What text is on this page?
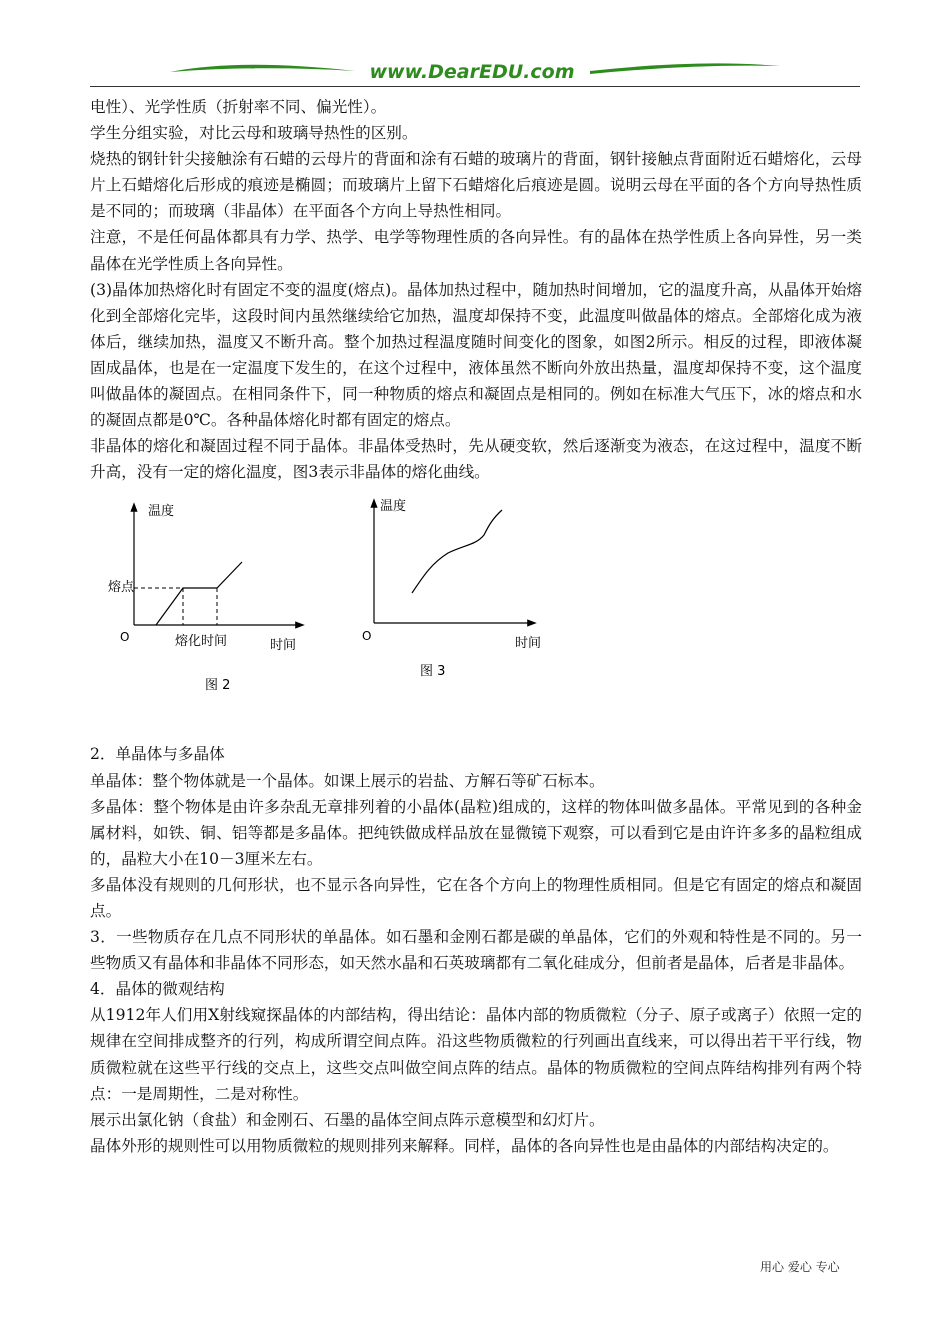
www.DearEDU.com

电性）、光学性质（折射率不同、偏光性）。

学生分组实验，对比云母和玻璃导热性的区别。

烧热的钢针针尖接触涂有石蜡的云母片的背面和涂有石蜡的玻璃片的背面，钢针接触点背面附近石蜡熔化，云母片上石蜡熔化后形成的痕迹是椭圆；而玻璃片上留下石蜡熔化后痕迹是圆。说明云母在平面的各个方向导热性质是不同的；而玻璃（非晶体）在平面各个方向上导热性相同。

注意，不是任何晶体都具有力学、热学、电学等物理性质的各向异性。有的晶体在热学性质上各向异性，另一类晶体在光学性质上各向异性。

(3)晶体加热熔化时有固定不变的温度(熔点)。晶体加热过程中，随加热时间增加，它的温度升高，从晶体开始熔化到全部熔化完毕，这段时间内虽然继续给它加热，温度却保持不变，此温度叫做晶体的熔点。全部熔化成为液体后，继续加热，温度又不断升高。整个加热过程温度随时间变化的图象，如图2所示。相反的过程，即液体凝固成晶体，也是在一定温度下发生的，在这个过程中，液体虽然不断向外放出热量，温度却保持不变，这个温度叫做晶体的凝固点。在相同条件下，同一种物质的熔点和凝固点是相同的。例如在标准大气压下，冰的熔点和水的凝固点都是0℃。各种晶体熔化时都有固定的熔点。

非晶体的熔化和凝固过程不同于晶体。非晶体受热时，先从硬变软，然后逐渐变为液态，在这过程中，温度不断升高，没有一定的熔化温度，图3表示非晶体的熔化曲线。

温度
时间
O
熔点
熔化时间
图 2
温度
时间
O
图 3

2．单晶体与多晶体

单晶体：整个物体就是一个晶体。如课上展示的岩盐、方解石等矿石标本。

多晶体：整个物体是由许多杂乱无章排列着的小晶体(晶粒)组成的，这样的物体叫做多晶体。平常见到的各种金属材料，如铁、铜、铝等都是多晶体。把纯铁做成样品放在显微镜下观察，可以看到它是由许许多多的晶粒组成的，晶粒大小在10－3厘米左右。

多晶体没有规则的几何形状，也不显示各向异性，它在各个方向上的物理性质相同。但是它有固定的熔点和凝固点。

3．一些物质存在几点不同形状的单晶体。如石墨和金刚石都是碳的单晶体，它们的外观和特性是不同的。另一些物质又有晶体和非晶体不同形态，如天然水晶和石英玻璃都有二氧化硅成分，但前者是晶体，后者是非晶体。

4．晶体的微观结构

从1912年人们用X射线窥探晶体的内部结构，得出结论：晶体内部的物质微粒（分子、原子或离子）依照一定的规律在空间排成整齐的行列，构成所谓空间点阵。沿这些物质微粒的行列画出直线来，可以得出若干平行线，物质微粒就在这些平行线的交点上，这些交点叫做空间点阵的结点。晶体的物质微粒的空间点阵结构排列有两个特点：一是周期性，二是对称性。

展示出氯化钠（食盐）和金刚石、石墨的晶体空间点阵示意模型和幻灯片。

晶体外形的规则性可以用物质微粒的规则排列来解释。同样，晶体的各向异性也是由晶体的内部结构决定的。

用心 爱心 专心
